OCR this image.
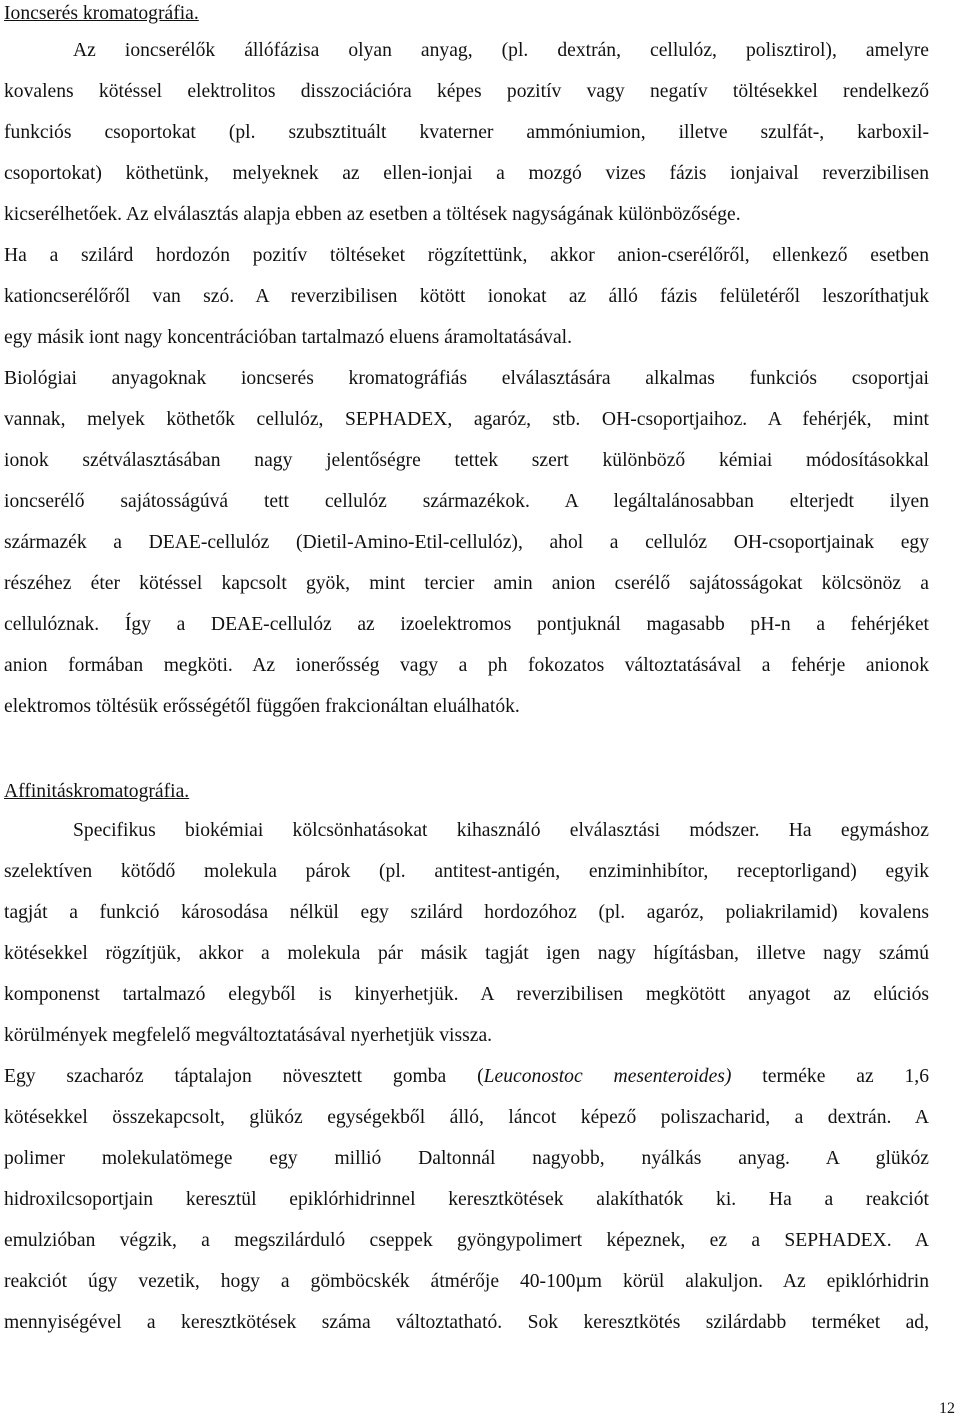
Ioncserés kromatográfia.
Az ioncserélők állófázisa olyan anyag, (pl. dextrán, cellulóz, polisztirol), amelyre
kovalens kötéssel elektrolitos disszociációra képes pozitív vagy negatív töltésekkel rendelkező
funkciós csoportokat (pl. szubsztituált kvaterner ammóniumion, illetve szulfát-, karboxil-
csoportokat) köthetünk, melyeknek az ellen-ionjai a mozgó vizes fázis ionjaival reverzibilisen
kicserélhetőek. Az elválasztás alapja ebben az esetben a töltések nagyságának különbözősége.
Ha a szilárd hordozón pozitív töltéseket rögzítettünk, akkor anion-cserélőről, ellenkező esetben
kationcserélőről van szó. A reverzibilisen kötött ionokat az álló fázis felületéről leszoríthatjuk
egy másik iont nagy koncentrációban tartalmazó eluens áramoltatásával.
Biológiai anyagoknak ioncserés kromatográfiás elválasztására alkalmas funkciós csoportjai
vannak, melyek köthetők cellulóz, SEPHADEX, agaróz, stb. OH-csoportjaihoz. A fehérjék, mint
ionok szétválasztásában nagy jelentőségre tettek szert különböző kémiai módosításokkal
ioncserélő sajátosságúvá tett cellulóz származékok. A legáltalánosabban elterjedt ilyen
származék a DEAE-cellulóz (Dietil-Amino-Etil-cellulóz), ahol a cellulóz OH-csoportjainak egy
részéhez éter kötéssel kapcsolt gyök, mint tercier amin anion cserélő sajátosságokat kölcsönöz a
cellulóznak. Így a DEAE-cellulóz az izoelektromos pontjuknál magasabb pH-n a fehérjéket
anion formában megköti. Az ionerősség vagy a ph fokozatos változtatásával a fehérje anionok
elektromos töltésük erősségétől függően frakcionáltan eluálhatók.
Affinitáskromatográfia.
Specifikus biokémiai kölcsönhatásokat kihasználó elválasztási módszer. Ha egymáshoz
szelektíven kötődő molekula párok (pl. antitest-antigén, enziminhibítor, receptorligand) egyik
tagját a funkció károsodása nélkül egy szilárd hordozóhoz (pl. agaróz, poliakrilamid) kovalens
kötésekkel rögzítjük, akkor a molekula pár másik tagját igen nagy hígításban, illetve nagy számú
komponenst tartalmazó elegyből is kinyerhetjük. A reverzibilisen megkötött anyagot az elúciós
körülmények megfelelő megváltoztatásával nyerhetjük vissza.
Egy szacharóz táptalajon növesztett gomba (Leuconostoc mesenteroides) terméke az 1,6
kötésekkel összekapcsolt, glükóz egységekből álló, láncot képező poliszacharid, a dextrán. A
polimer molekulatömege egy millió Daltonnál nagyobb, nyálkás anyag. A glükóz
hidroxilcsoportjain keresztül epiklórhidrinnel keresztkötések alakíthatók ki. Ha a reakciót
emulzióban végzik, a megszilárduló cseppek gyöngypolimert képeznek, ez a SEPHADEX. A
reakciót úgy vezetik, hogy a gömböcskék átmérője 40-100µm körül alakuljon. Az epiklórhidrin
mennyiségével a keresztkötések száma változtatható. Sok keresztkötés szilárdabb terméket ad,
12
